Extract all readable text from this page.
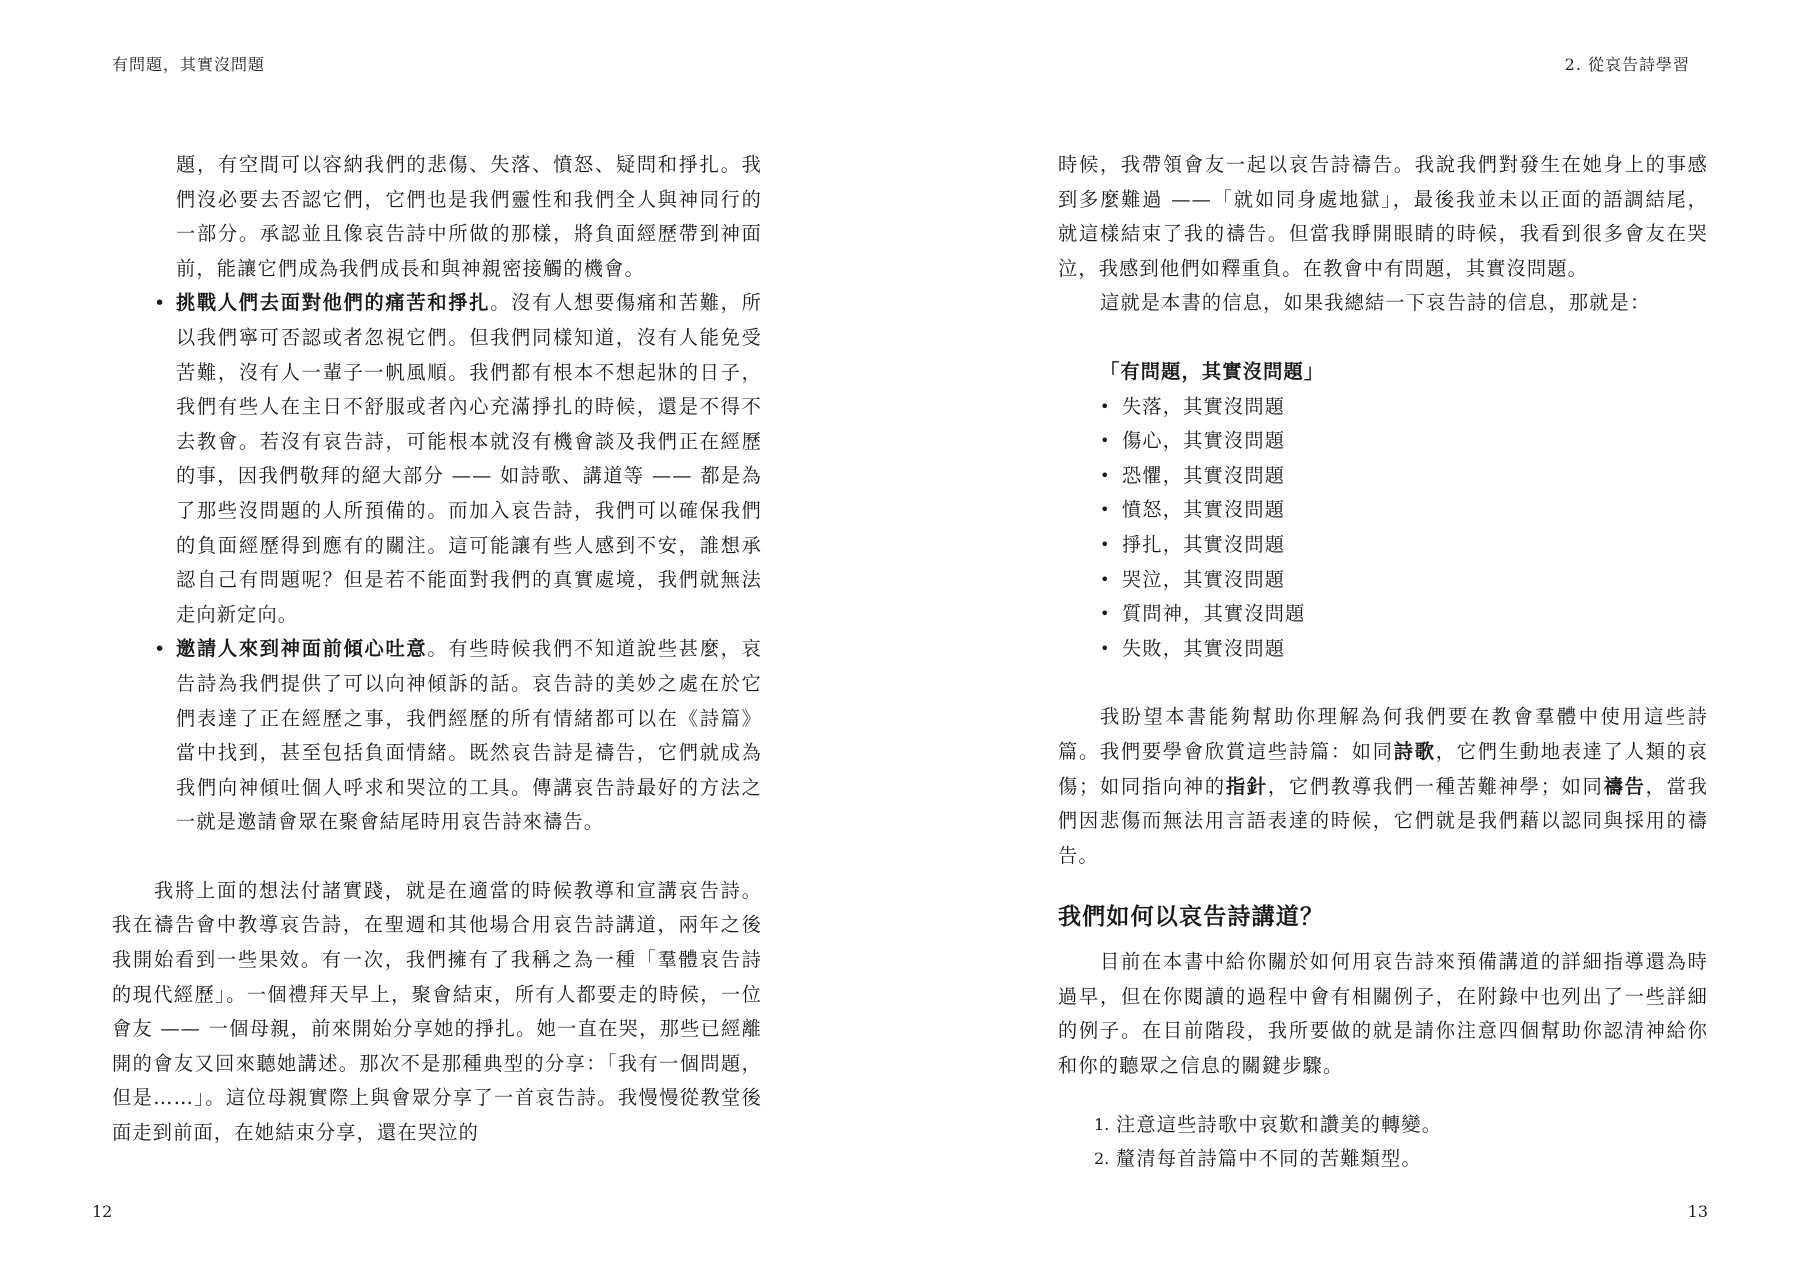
有問題，其實沒問題	2. 從哀告詩學習

題，有空間可以容納我們的悲傷、失落、憤怒、疑問和掙扎。我們沒必要去否認它們，它們也是我們靈性和我們全人與神同行的一部分。承認並且像哀告詩中所做的那樣，將負面經歷帶到神面前，能讓它們成為我們成長和與神親密接觸的機會。

• 挑戰人們去面對他們的痛苦和掙扎。沒有人想要傷痛和苦難，所以我們寧可否認或者忽視它們。但我們同樣知道，沒有人能免受苦難，沒有人一輩子一帆風順。我們都有根本不想起牀的日子，我們有些人在主日不舒服或者內心充滿掙扎的時候，還是不得不去教會。若沒有哀告詩，可能根本就沒有機會談及我們正在經歷的事，因我們敬拜的絕大部分 —— 如詩歌、講道等 —— 都是為了那些沒問題的人所預備的。而加入哀告詩，我們可以確保我們的負面經歷得到應有的關注。這可能讓有些人感到不安，誰想承認自己有問題呢？但是若不能面對我們的真實處境，我們就無法走向新定向。

• 邀請人來到神面前傾心吐意。有些時候我們不知道說些甚麼，哀告詩為我們提供了可以向神傾訴的話。哀告詩的美妙之處在於它們表達了正在經歷之事，我們經歷的所有情緒都可以在《詩篇》當中找到，甚至包括負面情緒。既然哀告詩是禱告，它們就成為我們向神傾吐個人呼求和哭泣的工具。傳講哀告詩最好的方法之一就是邀請會眾在聚會結尾時用哀告詩來禱告。

我將上面的想法付諸實踐，就是在適當的時候教導和宣講哀告詩。我在禱告會中教導哀告詩，在聖週和其他場合用哀告詩講道，兩年之後我開始看到一些果效。有一次，我們擁有了我稱之為一種「羣體哀告詩的現代經歷」。一個禮拜天早上，聚會結束，所有人都要走的時候，一位會友 —— 一個母親，前來開始分享她的掙扎。她一直在哭，那些已經離開的會友又回來聽她講述。那次不是那種典型的分享：「我有一個問題，但是……」。這位母親實際上與會眾分享了一首哀告詩。我慢慢從教堂後面走到前面，在她結束分享，還在哭泣的

時候，我帶領會友一起以哀告詩禱告。我說我們對發生在她身上的事感到多麼難過 ——「就如同身處地獄」，最後我並未以正面的語調結尾，就這樣結束了我的禱告。但當我睜開眼睛的時候，我看到很多會友在哭泣，我感到他們如釋重負。在教會中有問題，其實沒問題。

這就是本書的信息，如果我總結一下哀告詩的信息，那就是：

「有問題，其實沒問題」

• 失落，其實沒問題

• 傷心，其實沒問題

• 恐懼，其實沒問題

• 憤怒，其實沒問題

• 掙扎，其實沒問題

• 哭泣，其實沒問題

• 質問神，其實沒問題

• 失敗，其實沒問題

我盼望本書能夠幫助你理解為何我們要在教會羣體中使用這些詩篇。我們要學會欣賞這些詩篇：如同詩歌，它們生動地表達了人類的哀傷；如同指向神的指針，它們教導我們一種苦難神學；如同禱告，當我們因悲傷而無法用言語表達的時候，它們就是我們藉以認同與採用的禱告。

我們如何以哀告詩講道？

目前在本書中給你關於如何用哀告詩來預備講道的詳細指導還為時過早，但在你閱讀的過程中會有相關例子，在附錄中也列出了一些詳細的例子。在目前階段，我所要做的就是請你注意四個幫助你認清神給你和你的聽眾之信息的關鍵步驟。

1. 注意這些詩歌中哀歎和讚美的轉變。

2. 釐清每首詩篇中不同的苦難類型。

12	13
